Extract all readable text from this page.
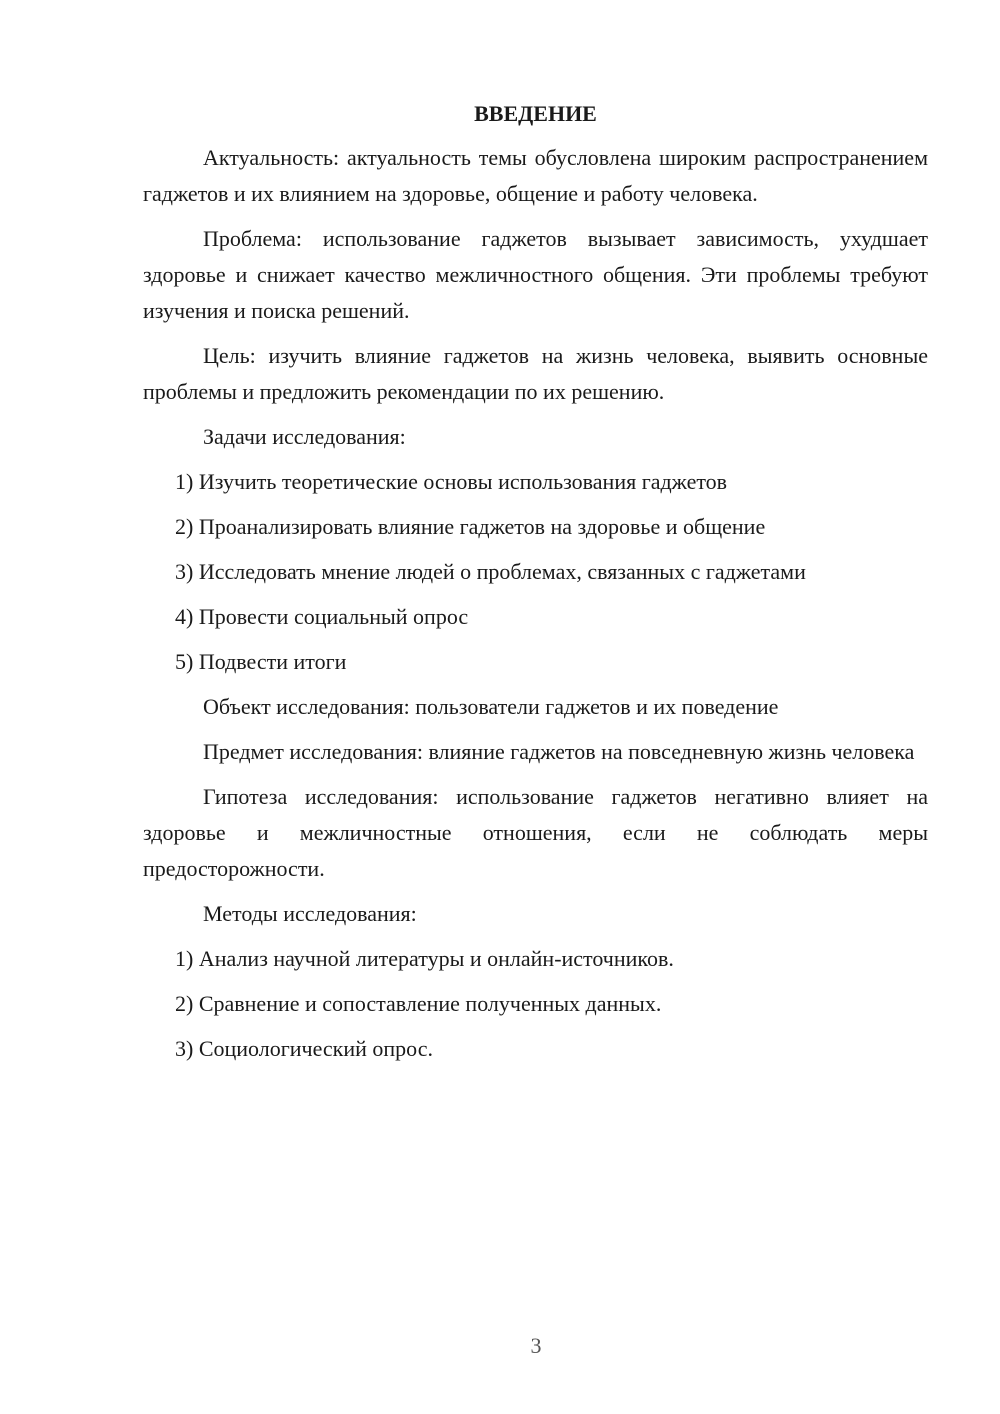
ВВЕДЕНИЕ

Актуальность: актуальность темы обусловлена широким распространением гаджетов и их влиянием на здоровье, общение и работу человека.

Проблема: использование гаджетов вызывает зависимость, ухудшает здоровье и снижает качество межличностного общения. Эти проблемы требуют изучения и поиска решений.

Цель: изучить влияние гаджетов на жизнь человека, выявить основные проблемы и предложить рекомендации по их решению.

Задачи исследования:

1) Изучить теоретические основы использования гаджетов
2) Проанализировать влияние гаджетов на здоровье и общение
3) Исследовать мнение людей о проблемах, связанных с гаджетами
4) Провести социальный опрос
5) Подвести итоги

Объект исследования: пользователи гаджетов и их поведение

Предмет исследования: влияние гаджетов на повседневную жизнь человека

Гипотеза исследования: использование гаджетов негативно влияет на здоровье и межличностные отношения, если не соблюдать меры предосторожности.

Методы исследования:

1) Анализ научной литературы и онлайн-источников.
2) Сравнение и сопоставление полученных данных.
3) Социологический опрос.
3
